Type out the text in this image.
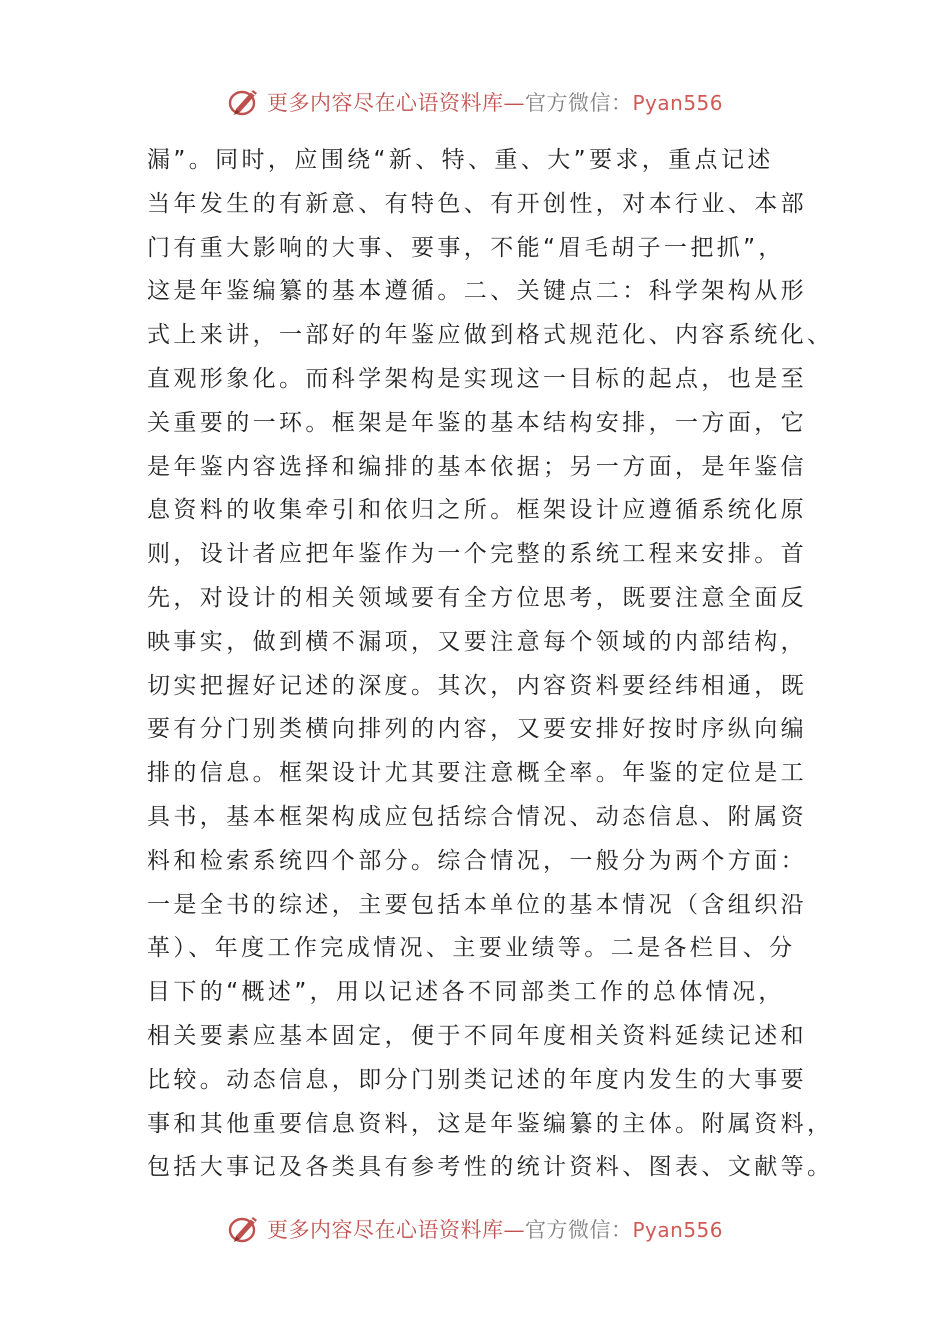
更多内容尽在心语资料库—官方微信：Pyan556
漏”。同时，应围绕“新、特、重、大”要求，重点记述
当年发生的有新意、有特色、有开创性，对本行业、本部
门有重大影响的大事、要事，不能“眉毛胡子一把抓”，
这是年鉴编纂的基本遵循。二、关键点二：科学架构从形
式上来讲，一部好的年鉴应做到格式规范化、内容系统化、
直观形象化。而科学架构是实现这一目标的起点，也是至
关重要的一环。框架是年鉴的基本结构安排，一方面，它
是年鉴内容选择和编排的基本依据；另一方面，是年鉴信
息资料的收集牵引和依归之所。框架设计应遵循系统化原
则，设计者应把年鉴作为一个完整的系统工程来安排。首
先，对设计的相关领域要有全方位思考，既要注意全面反
映事实，做到横不漏项，又要注意每个领域的内部结构，
切实把握好记述的深度。其次，内容资料要经纬相通，既
要有分门别类横向排列的内容，又要安排好按时序纵向编
排的信息。框架设计尤其要注意概全率。年鉴的定位是工
具书，基本框架构成应包括综合情况、动态信息、附属资
料和检索系统四个部分。综合情况，一般分为两个方面：
一是全书的综述，主要包括本单位的基本情况（含组织沿
革）、年度工作完成情况、主要业绩等。二是各栏目、分
目下的“概述”，用以记述各不同部类工作的总体情况，
相关要素应基本固定，便于不同年度相关资料延续记述和
比较。动态信息，即分门别类记述的年度内发生的大事要
事和其他重要信息资料，这是年鉴编纂的主体。附属资料，
包括大事记及各类具有参考性的统计资料、图表、文献等。
更多内容尽在心语资料库—官方微信：Pyan556
